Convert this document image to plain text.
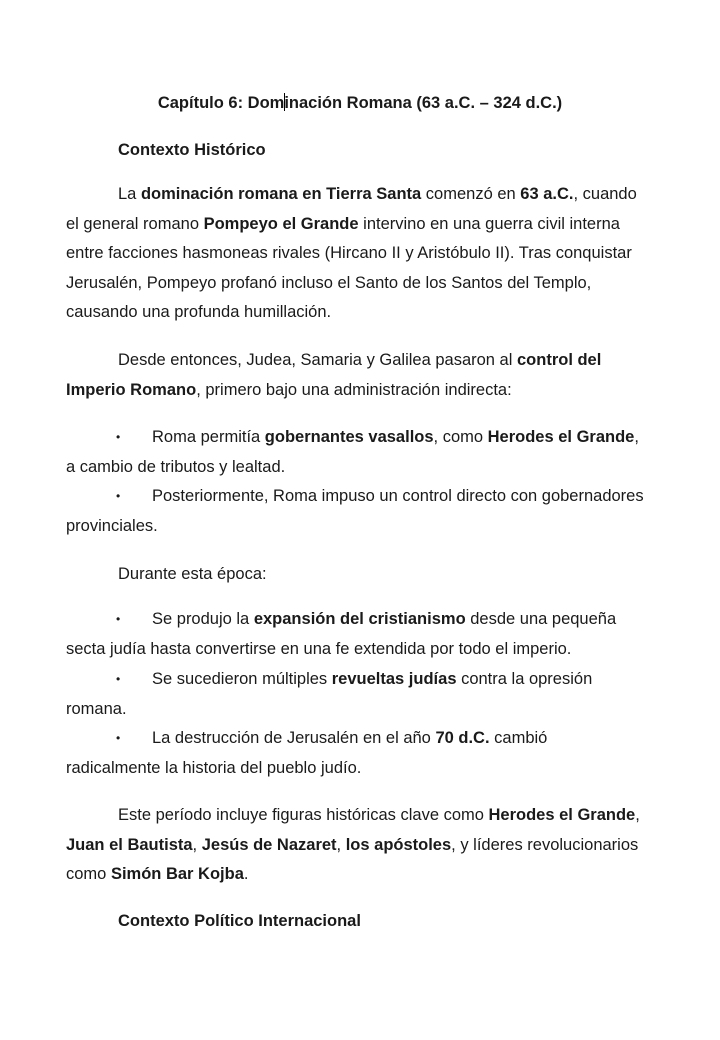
Capítulo 6: Dominación Romana (63 a.C. – 324 d.C.)
Contexto Histórico

La dominación romana en Tierra Santa comenzó en 63 a.C., cuando el general romano Pompeyo el Grande intervino en una guerra civil interna entre facciones hasmoneas rivales (Hircano II y Aristóbulo II). Tras conquistar Jerusalén, Pompeyo profanó incluso el Santo de los Santos del Templo, causando una profunda humillación.

Desde entonces, Judea, Samaria y Galilea pasaron al control del Imperio Romano, primero bajo una administración indirecta:

• Roma permitía gobernantes vasallos, como Herodes el Grande, a cambio de tributos y lealtad.

• Posteriormente, Roma impuso un control directo con gobernadores provinciales.

Durante esta época:

• Se produjo la expansión del cristianismo desde una pequeña secta judía hasta convertirse en una fe extendida por todo el imperio.

• Se sucedieron múltiples revueltas judías contra la opresión romana.

• La destrucción de Jerusalén en el año 70 d.C. cambió radicalmente la historia del pueblo judío.

Este período incluye figuras históricas clave como Herodes el Grande, Juan el Bautista, Jesús de Nazaret, los apóstoles, y líderes revolucionarios como Simón Bar Kojba.

Contexto Político Internacional
